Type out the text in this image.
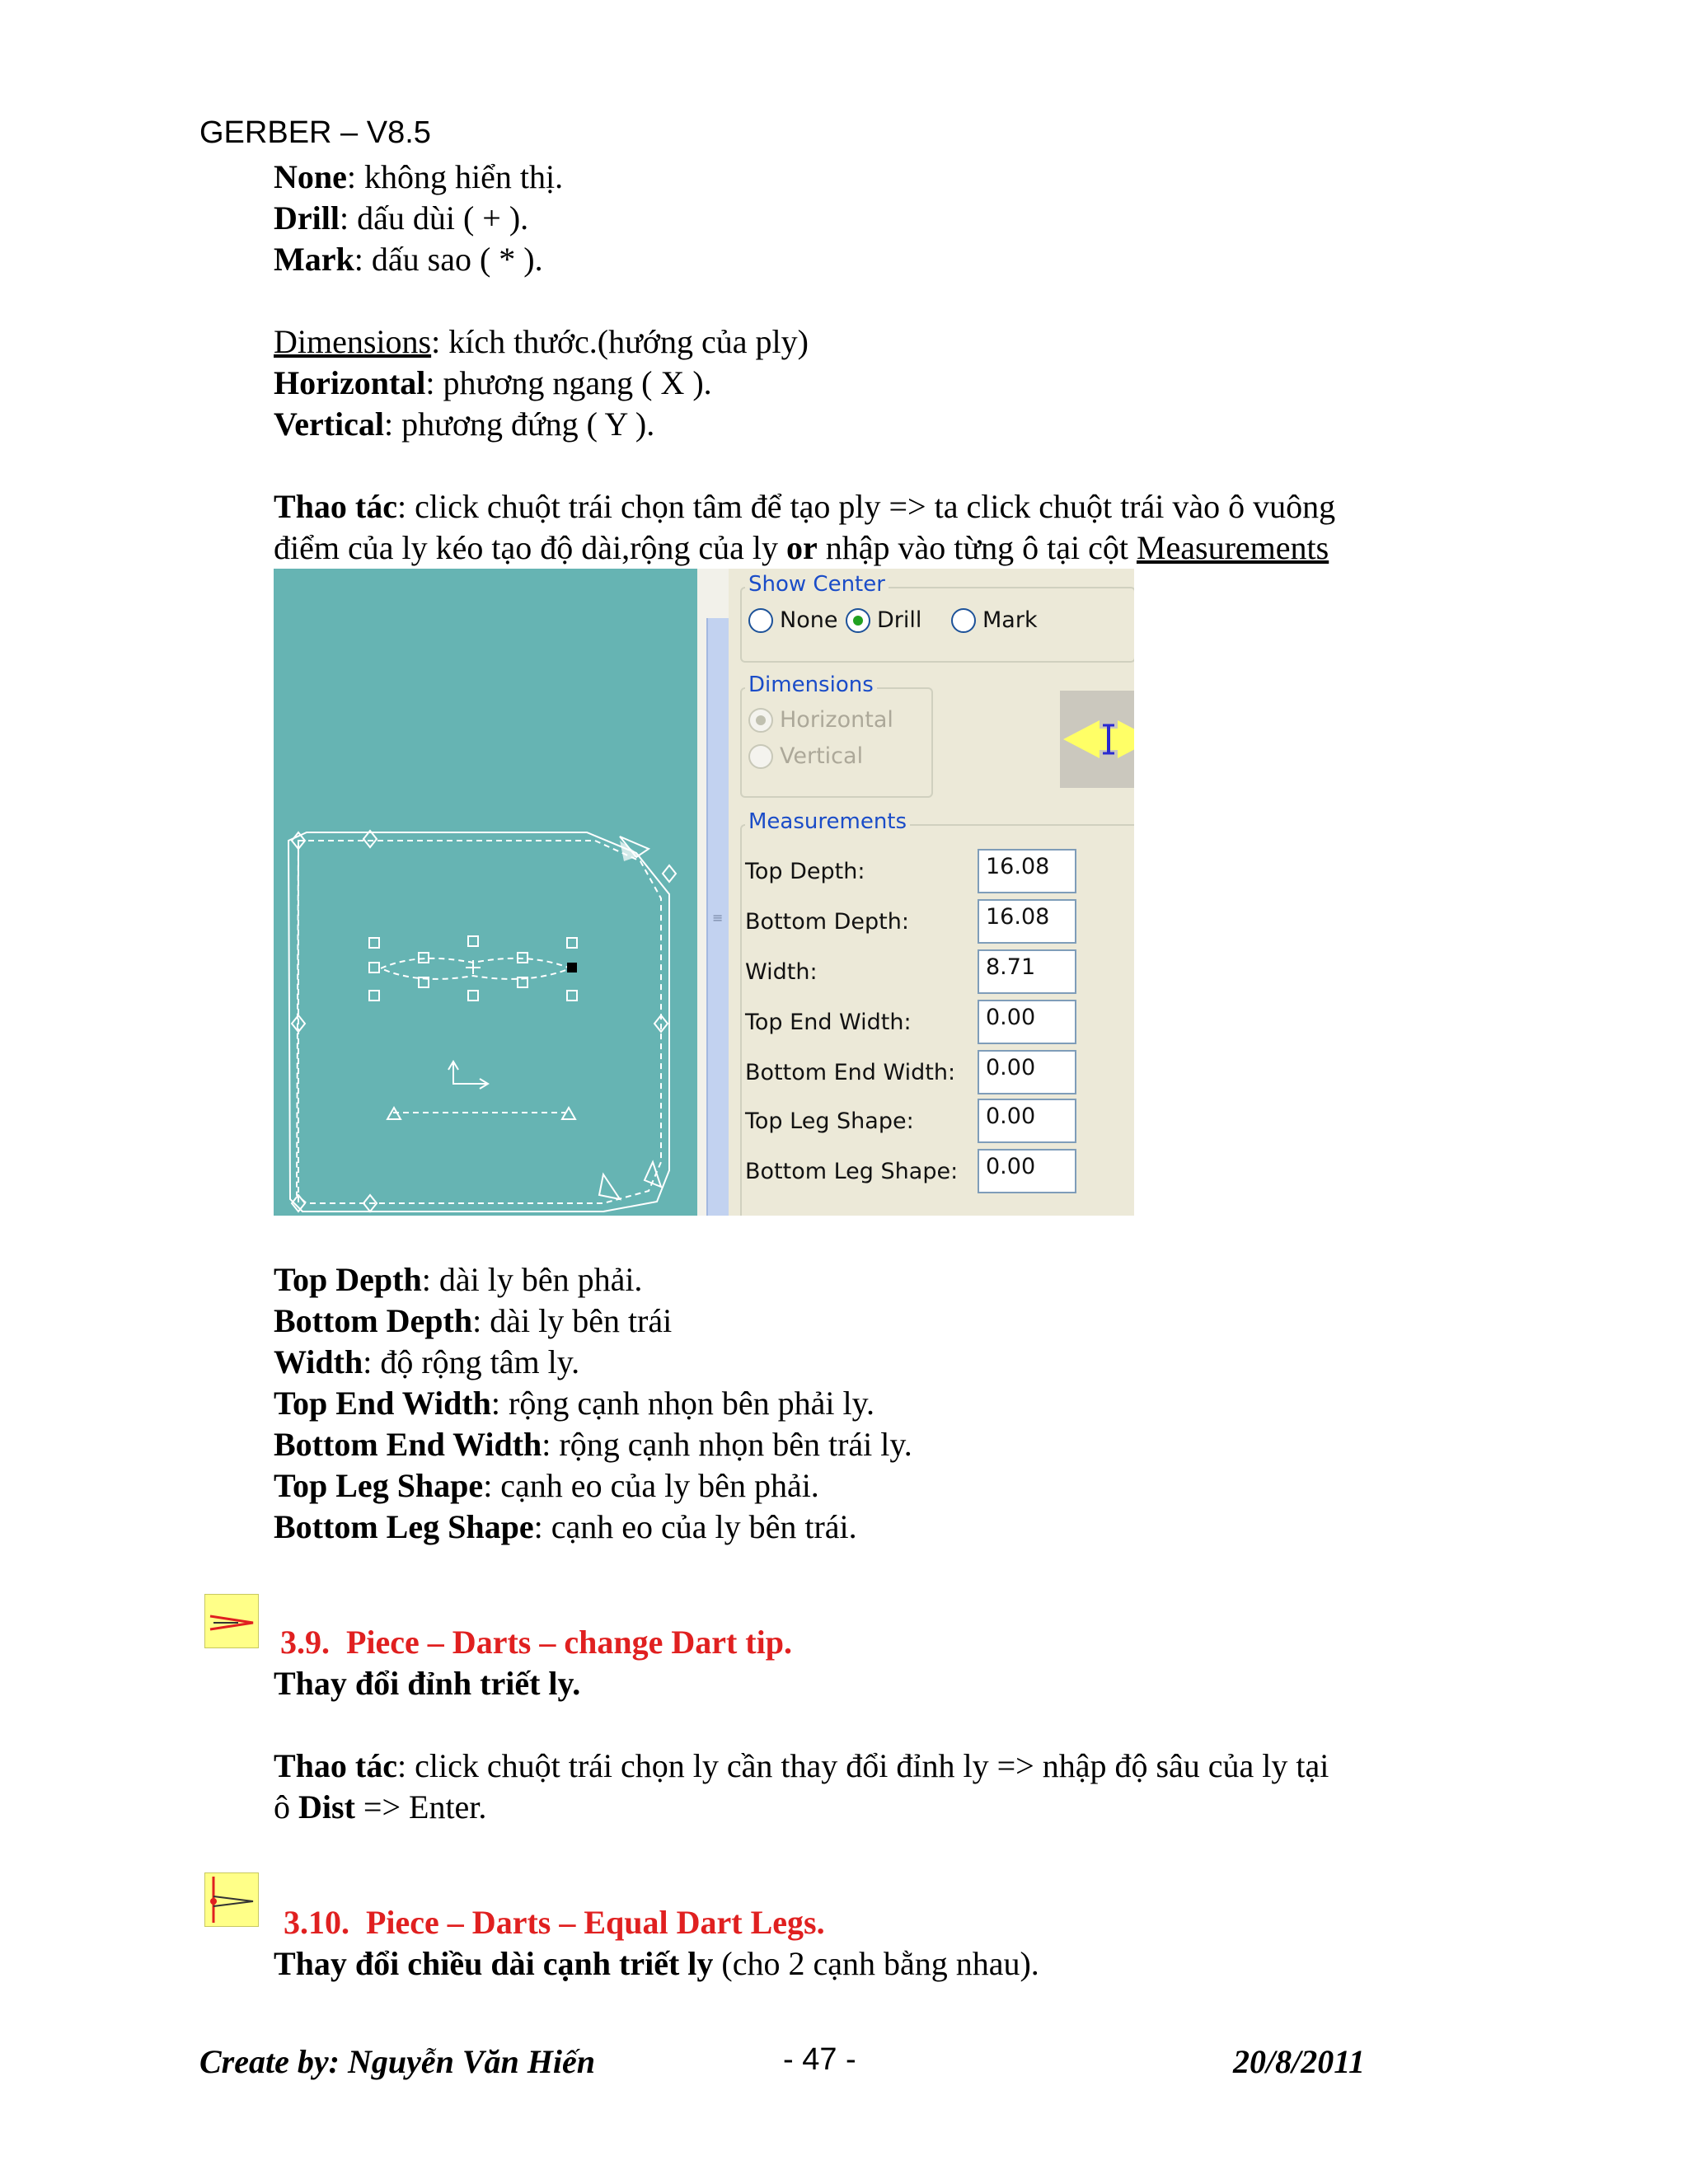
GERBER – V8.5
None: không hiển thị.
Drill: dấu dùi ( + ).
Mark: dấu sao ( * ).
Dimensions: kích thước.(hướng của ply)
Horizontal: phương ngang ( X ).
Vertical: phương đứng ( Y ).
Thao tác: click chuột trái chọn tâm để tạo ply => ta click chuột trái vào ô vuông
điểm của ly kéo tạo độ dài,rộng của ly or nhập vào từng ô tại cột Measurements
≡
Show Center
None Drill	Mark
Dimensions
Horizontal
Vertical
Measurements
Top Depth:	16.08
Bottom Depth:	16.08
Width:	8.71
Top End Width:	0.00
Bottom End Width:	0.00
Top Leg Shape:	0.00
Bottom Leg Shape:	0.00
Top Depth: dài ly bên phải.
Bottom Depth: dài ly bên trái
Width: độ rộng tâm ly.
Top End Width: rộng cạnh nhọn bên phải ly.
Bottom End Width: rộng cạnh nhọn bên trái ly.
Top Leg Shape: cạnh eo của ly bên phải.
Bottom Leg Shape: cạnh eo của ly bên trái.
3.9. Piece – Darts – change Dart tip.
Thay đổi đỉnh triết ly.
Thao tác: click chuột trái chọn ly cần thay đổi đỉnh ly => nhập độ sâu của ly tại
ô Dist => Enter.
3.10. Piece – Darts – Equal Dart Legs.
Thay đổi chiều dài cạnh triết ly (cho 2 cạnh bằng nhau).
Create by: Nguyễn Văn Hiến	- 47 -	20/8/2011
